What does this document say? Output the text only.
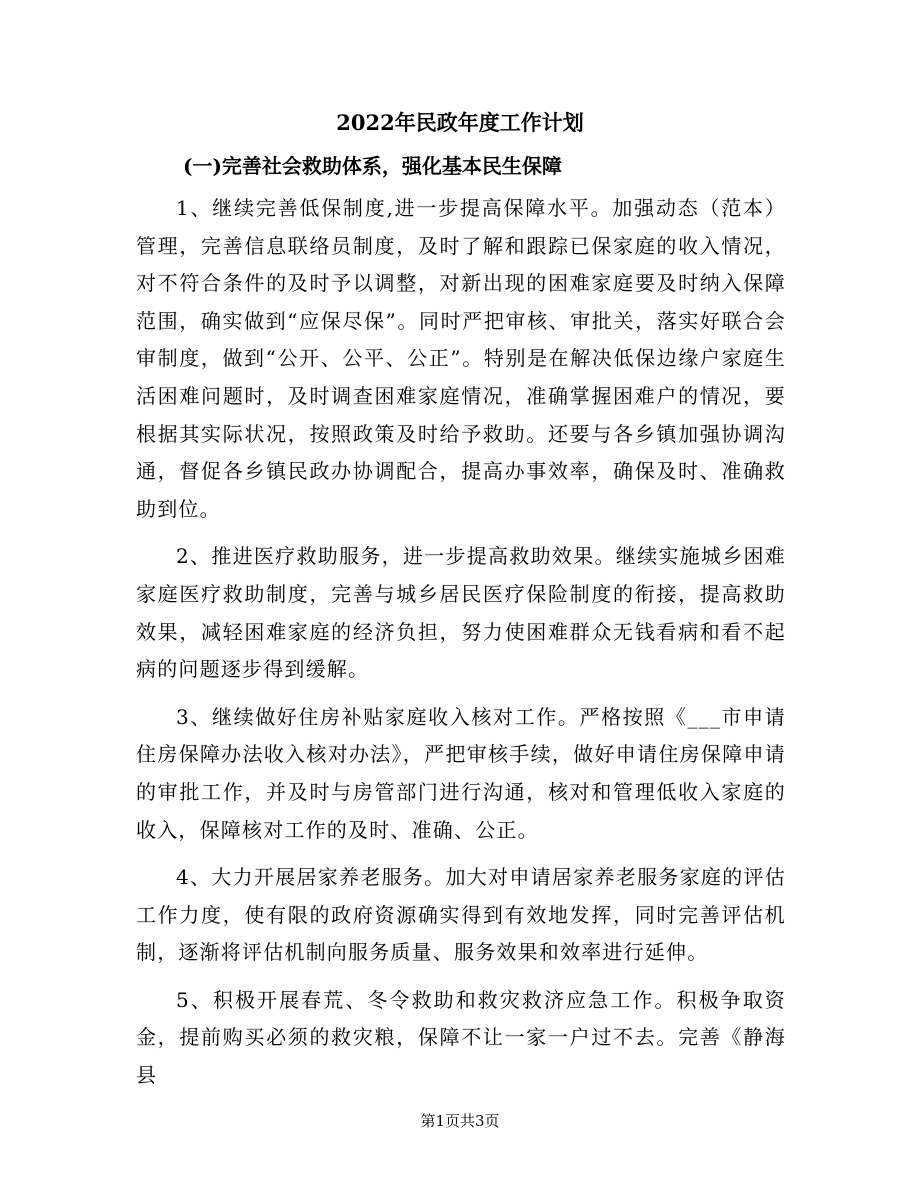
2022年民政年度工作计划
(一)完善社会救助体系，强化基本民生保障

1、继续完善低保制度,进一步提高保障水平。加强动态（范本）管理，完善信息联络员制度，及时了解和跟踪已保家庭的收入情况，对不符合条件的及时予以调整，对新出现的困难家庭要及时纳入保障范围，确实做到“应保尽保”。同时严把审核、审批关，落实好联合会审制度，做到“公开、公平、公正”。特别是在解决低保边缘户家庭生活困难问题时，及时调查困难家庭情况，准确掌握困难户的情况，要根据其实际状况，按照政策及时给予救助。还要与各乡镇加强协调沟通，督促各乡镇民政办协调配合，提高办事效率，确保及时、准确救助到位。

2、推进医疗救助服务，进一步提高救助效果。继续实施城乡困难家庭医疗救助制度，完善与城乡居民医疗保险制度的衔接，提高救助效果，减轻困难家庭的经济负担，努力使困难群众无钱看病和看不起病的问题逐步得到缓解。

3、继续做好住房补贴家庭收入核对工作。严格按照《___市申请住房保障办法收入核对办法》，严把审核手续，做好申请住房保障申请的审批工作，并及时与房管部门进行沟通，核对和管理低收入家庭的收入，保障核对工作的及时、准确、公正。

4、大力开展居家养老服务。加大对申请居家养老服务家庭的评估工作力度，使有限的政府资源确实得到有效地发挥，同时完善评估机制，逐渐将评估机制向服务质量、服务效果和效率进行延伸。

5、积极开展春荒、冬令救助和救灾救济应急工作。积极争取资金，提前购买必须的救灾粮，保障不让一家一户过不去。完善《静海县

第1页共3页
